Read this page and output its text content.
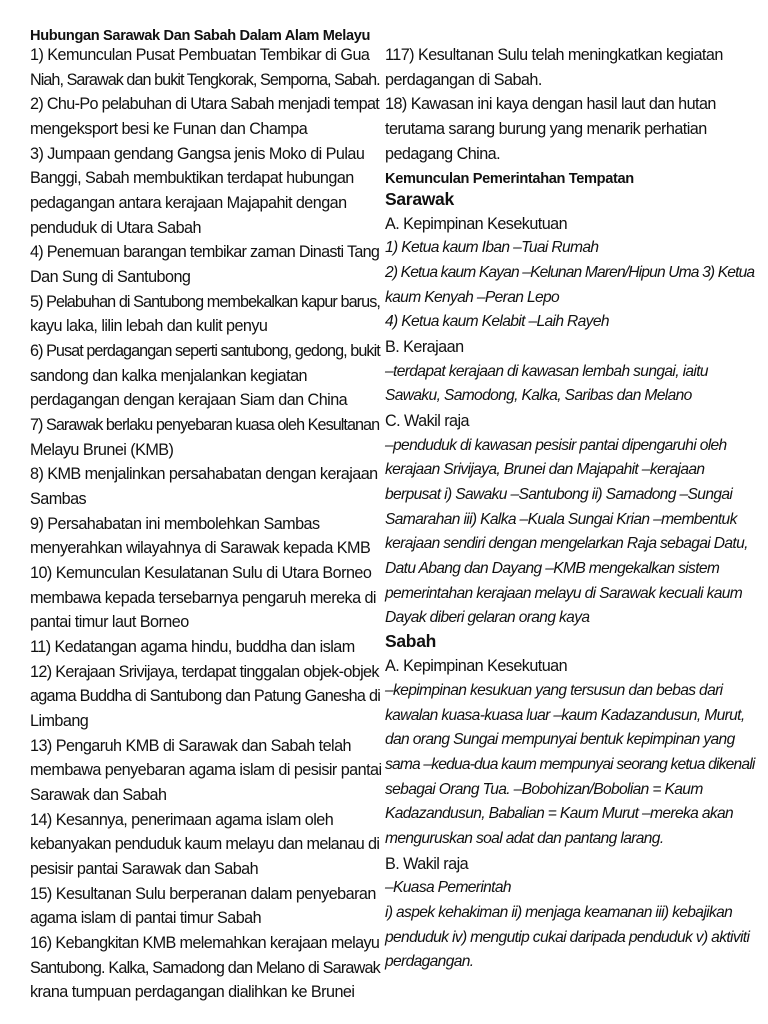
Hubungan Sarawak Dan Sabah Dalam Alam Melayu
1) Kemunculan Pusat Pembuatan Tembikar di Gua
Niah, Sarawak dan bukit Tengkorak, Semporna, Sabah.
2) Chu-Po pelabuhan di Utara Sabah menjadi tempat
mengeksport besi ke Funan dan Champa
3) Jumpaan gendang Gangsa jenis Moko di Pulau
Banggi, Sabah membuktikan terdapat hubungan
pedagangan antara kerajaan Majapahit dengan
penduduk di Utara Sabah
4) Penemuan barangan tembikar zaman Dinasti Tang
Dan Sung di Santubong
5) Pelabuhan di Santubong membekalkan kapur barus,
kayu laka, lilin lebah dan kulit penyu
6) Pusat perdagangan seperti santubong, gedong, bukit
sandong dan kalka menjalankan kegiatan
perdagangan dengan kerajaan Siam dan China
7) Sarawak berlaku penyebaran kuasa oleh Kesultanan
Melayu Brunei (KMB)
8) KMB menjalinkan persahabatan dengan kerajaan
Sambas
9) Persahabatan ini membolehkan Sambas
menyerahkan wilayahnya di Sarawak kepada KMB
10) Kemunculan Kesulatanan Sulu di Utara Borneo
membawa kepada tersebarnya pengaruh mereka di
pantai timur laut Borneo
11) Kedatangan agama hindu, buddha dan islam
12) Kerajaan Srivijaya, terdapat tinggalan objek-objek
agama Buddha di Santubong dan Patung Ganesha di
Limbang
13) Pengaruh KMB di Sarawak dan Sabah telah
membawa penyebaran agama islam di pesisir pantai
Sarawak dan Sabah
14) Kesannya, penerimaan agama islam oleh
kebanyakan penduduk kaum melayu dan melanau di
pesisir pantai Sarawak dan Sabah
15) Kesultanan Sulu berperanan dalam penyebaran
agama islam di pantai timur Sabah
16) Kebangkitan KMB melemahkan kerajaan melayu
Santubong. Kalka, Samadong dan Melano di Sarawak
krana tumpuan perdagangan dialihkan ke Brunei
117) Kesultanan Sulu telah meningkatkan kegiatan
perdagangan di Sabah.
18) Kawasan ini kaya dengan hasil laut dan hutan
terutama sarang burung yang menarik perhatian
pedagang China.
Kemunculan Pemerintahan Tempatan
Sarawak
A. Kepimpinan Kesekutuan
1) Ketua kaum Iban –Tuai Rumah
2) Ketua kaum Kayan –Kelunan Maren/Hipun Uma 3) Ketua
kaum Kenyah –Peran Lepo
4) Ketua kaum Kelabit –Laih Rayeh
B. Kerajaan
–terdapat kerajaan di kawasan lembah sungai, iaitu
Sawaku, Samodong, Kalka, Saribas dan Melano
C. Wakil raja
–penduduk di kawasan pesisir pantai dipengaruhi oleh
kerajaan Srivijaya, Brunei dan Majapahit –kerajaan
berpusat i) Sawaku –Santubong ii) Samadong –Sungai
Samarahan iii) Kalka –Kuala Sungai Krian –membentuk
kerajaan sendiri dengan mengelarkan Raja sebagai Datu,
Datu Abang dan Dayang –KMB mengekalkan sistem
pemerintahan kerajaan melayu di Sarawak kecuali kaum
Dayak diberi gelaran orang kaya
Sabah
A. Kepimpinan Kesekutuan
–kepimpinan kesukuan yang tersusun dan bebas dari
kawalan kuasa-kuasa luar –kaum Kadazandusun, Murut,
dan orang Sungai mempunyai bentuk kepimpinan yang
sama –kedua-dua kaum mempunyai seorang ketua dikenali
sebagai Orang Tua. –Bobohizan/Bobolian = Kaum
Kadazandusun, Babalian = Kaum Murut –mereka akan
menguruskan soal adat dan pantang larang.
B. Wakil raja
–Kuasa Pemerintah
i) aspek kehakiman ii) menjaga keamanan iii) kebajikan
penduduk iv) mengutip cukai daripada penduduk v) aktiviti
perdagangan.
